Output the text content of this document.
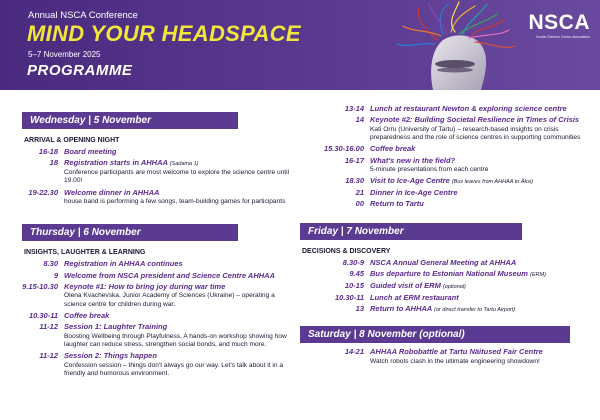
Annual NSCA Conference
MIND YOUR HEADSPACE
5–7 November 2025
PROGRAMME
NSCA
Nordic Science Centre Association
Wednesday | 5 November
ARRIVAL & OPENING NIGHT
16-18 Board meeting
18 Registration starts in AHHAA (Sadama 1)
Conference participants are most welcome to explore the science centre until 19.00!
19-22.30 Welcome dinner in AHHAA
house band is performing a few songs, team-building games for participants
Thursday | 6 November
INSIGHTS, LAUGHTER & LEARNING
8.30 Registration in AHHAA continues
9 Welcome from NSCA president and Science Centre AHHAA
9.15-10.30 Keynote #1: How to bring joy during war time
Olena Kvachevska, Junior Academy of Sciences (Ukraine) – operating a science centre for children during war.
10.30-11 Coffee break
11-12 Session 1: Laughter Training
Boosting Wellbeing through Playfulness. A hands-on workshop showing how laughter can reduce stress, strengthen social bonds, and much more.
11-12 Session 2: Things happen
Confession session – things don't always go our way. Let's talk about it in a friendly and humorous environment.
13-14 Lunch at restaurant Newton & exploring science centre
14 Keynote #2: Building Societal Resilience in Times of Crisis
Kati Orru (University of Tartu) – research-based insights on crisis preparedness and the role of science centres in supporting communities
15.30-16.00 Coffee break
16-17 What's new in the field?
5-minute presentations from each centre
18.30 Visit to Ice-Age Centre (Bus leaves from AHHAA to Äksi)
21 Dinner in Ice-Age Centre
00 Return to Tartu
Friday | 7 November
DECISIONS & DISCOVERY
8.30-9 NSCA Annual General Meeting at AHHAA
9.45 Bus departure to Estonian National Museum (ERM)
10-15 Guided visit of ERM (optional)
10.30-11 Lunch at ERM restaurant
13 Return to AHHAA (or direct transfer to Tartu Airport)
Saturday | 8 November (optional)
14-21 AHHAA Robobattle at Tartu Näitused Fair Centre
Watch robots clash in the ultimate engineering showdown!
